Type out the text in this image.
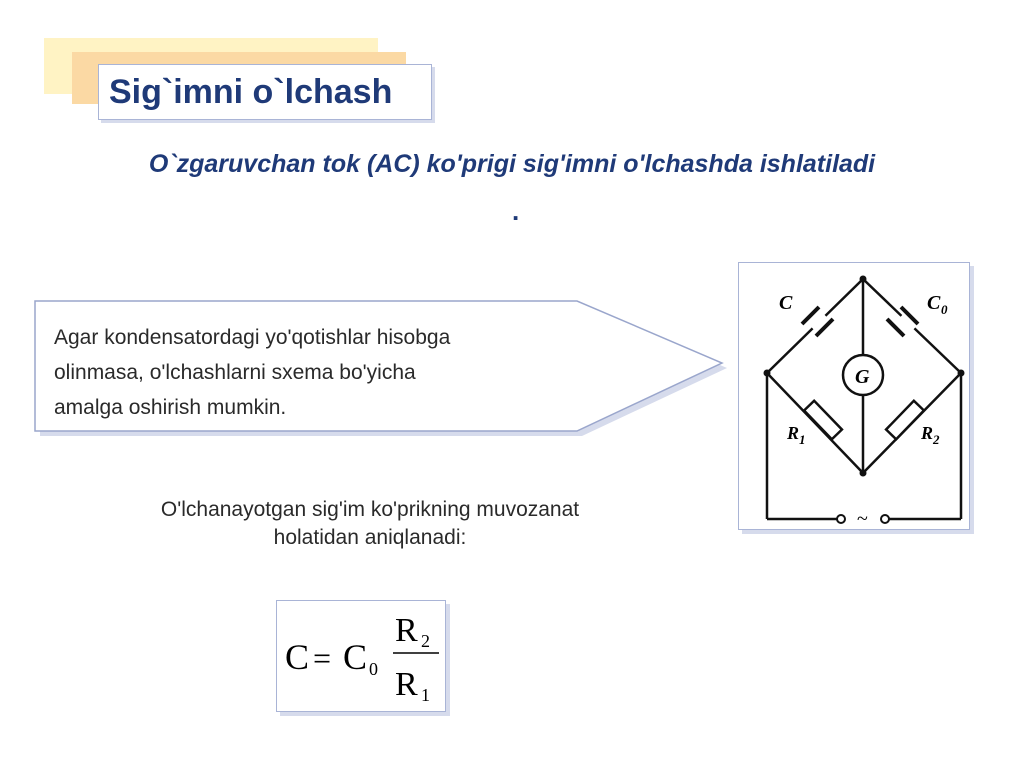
Sig`imni o`lchash
O`zgaruvchan tok (AC) ko'prigi sig'imni o'lchashda ishlatiladi
.
Agar kondensatordagi yo'qotishlar hisobga
olinmasa, o'lchashlarni sxema bo'yicha
amalga oshirish mumkin.
O'lchanayotgan sig'im ko'prikning muvozanat
holatidan aniqlanadi:
C = C 0
R 2
R 1
C	C 0
G
R 1	R 2
~
